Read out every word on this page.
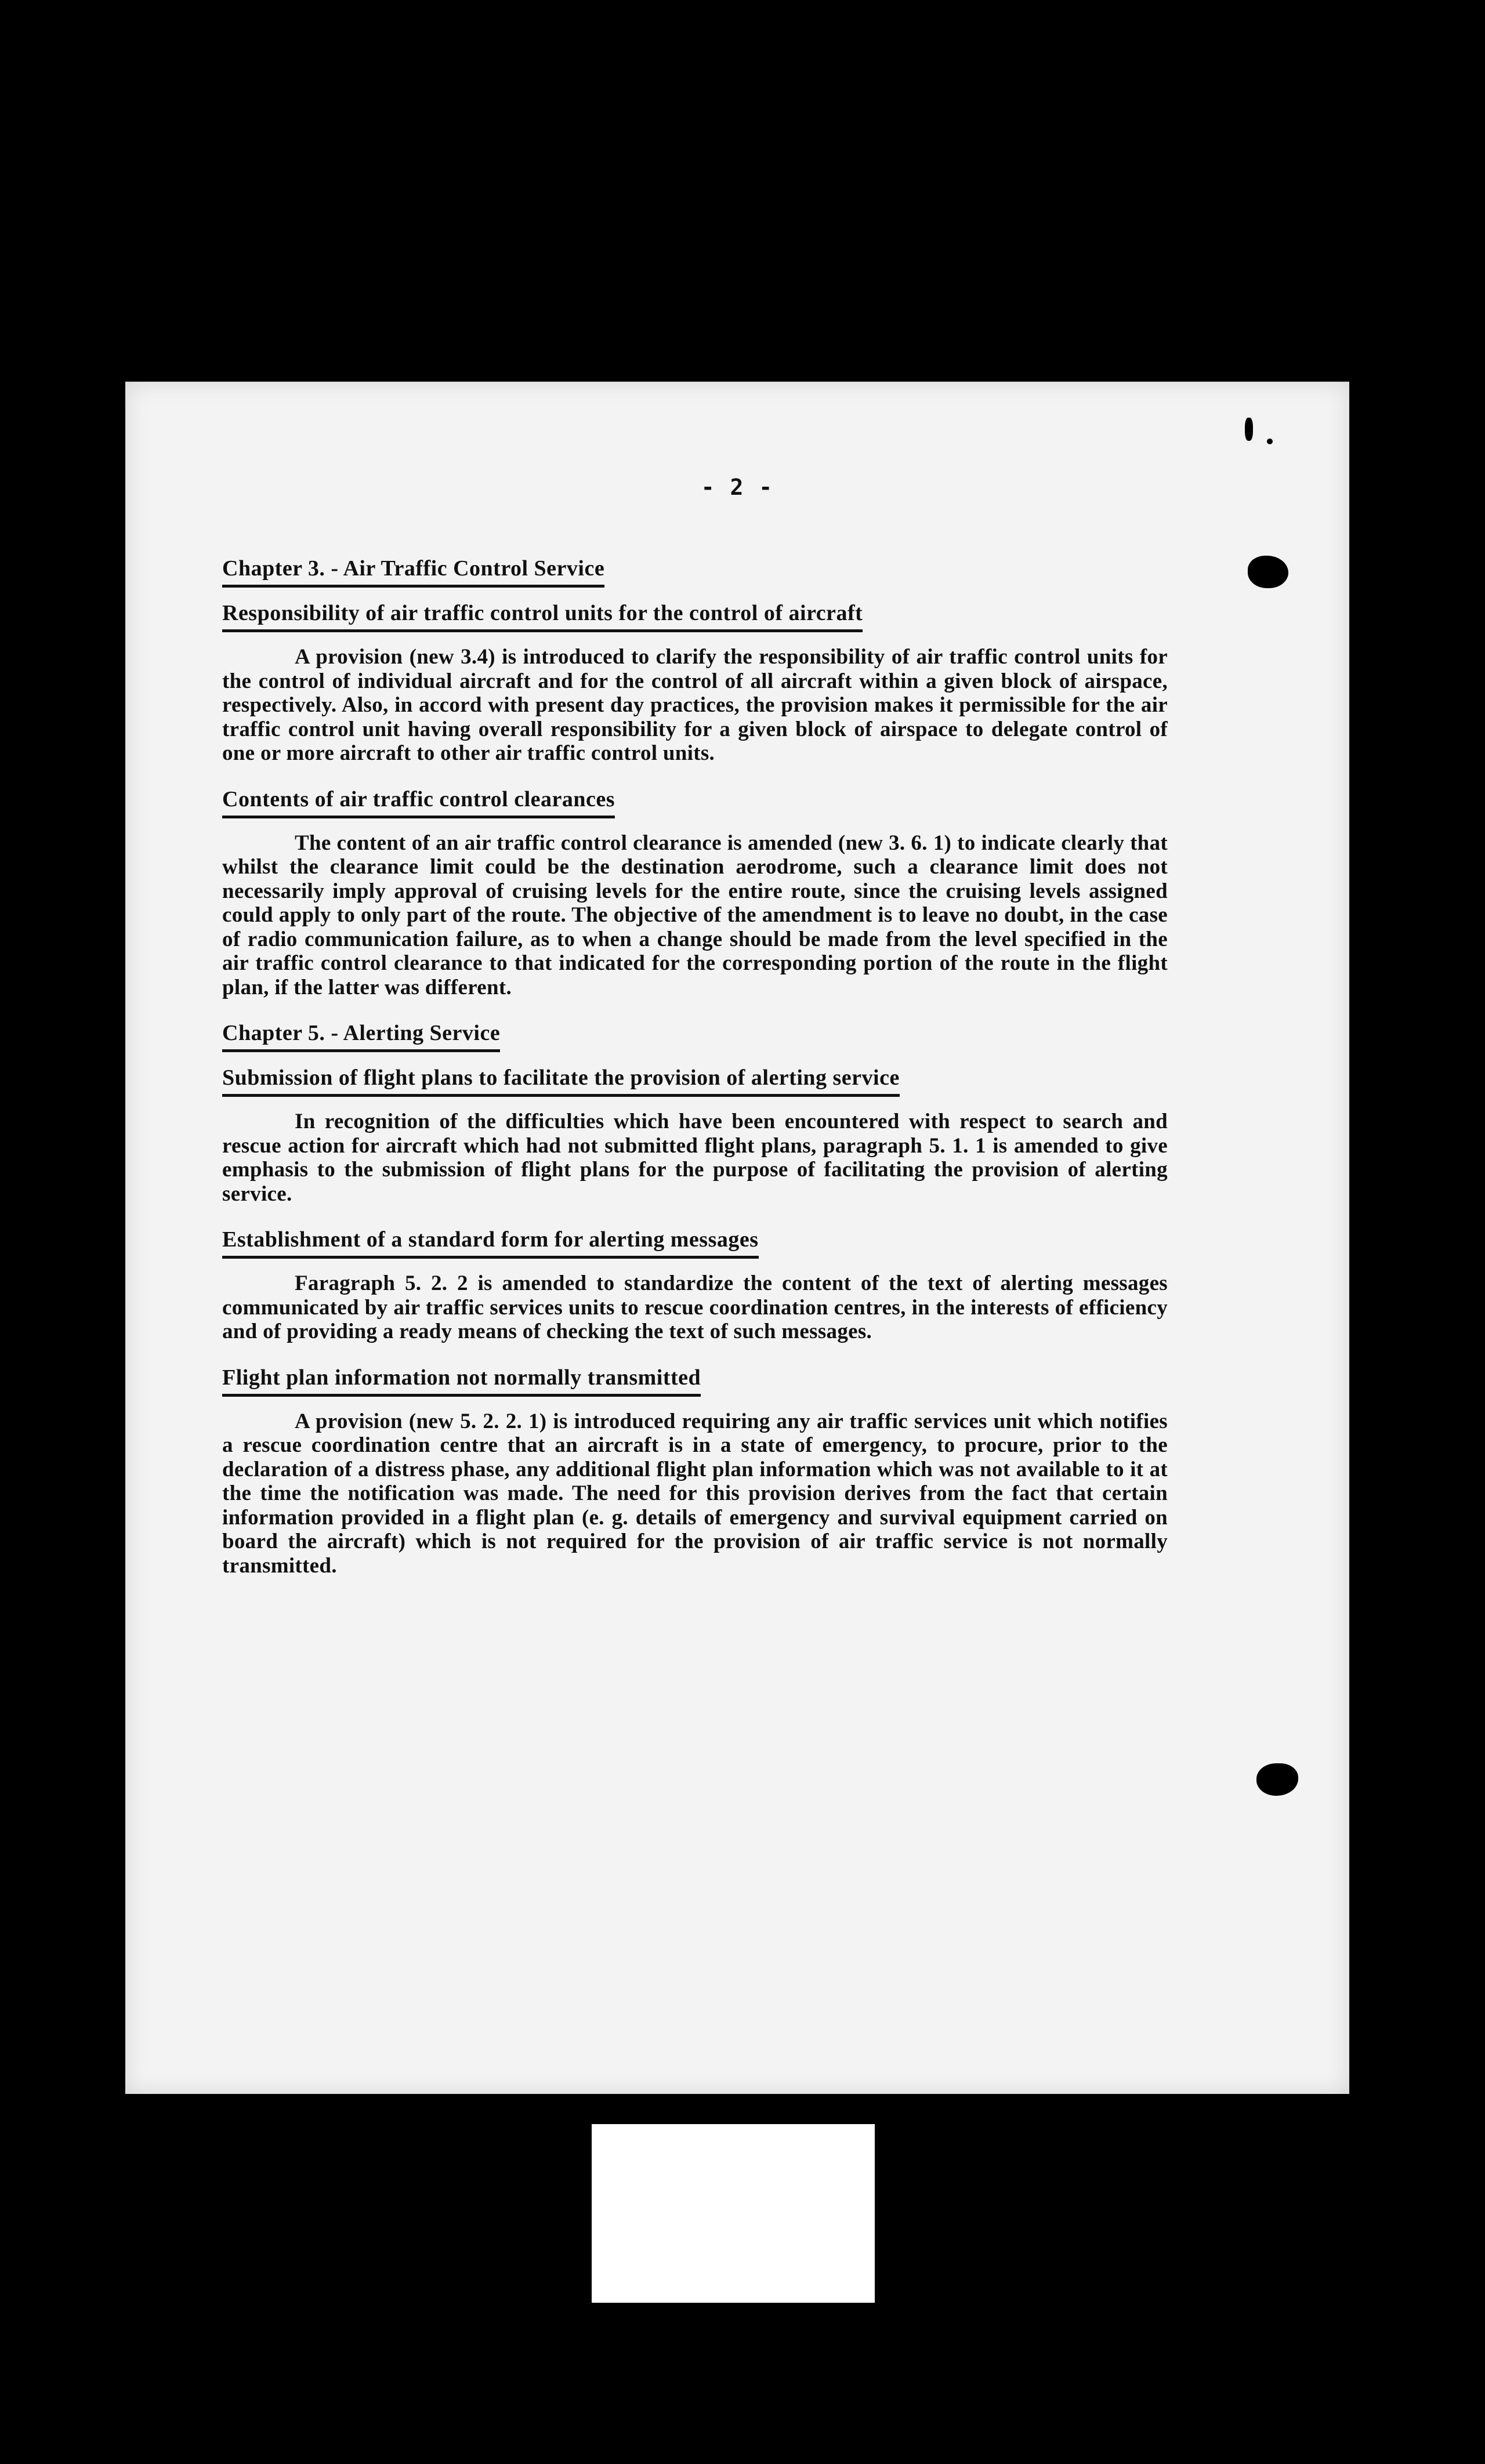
- 2 -
Chapter 3. - Air Traffic Control Service
Responsibility of air traffic control units for the control of aircraft

A provision (new 3.4) is introduced to clarify the responsibility of air traffic control units for the control of individual aircraft and for the control of all aircraft within a given block of airspace, respectively. Also, in accord with present day practices, the provision makes it permissible for the air traffic control unit having overall responsibility for a given block of airspace to delegate control of one or more aircraft to other air traffic control units.

Contents of air traffic control clearances

The content of an air traffic control clearance is amended (new 3. 6. 1) to indicate clearly that whilst the clearance limit could be the destination aerodrome, such a clearance limit does not necessarily imply approval of cruising levels for the entire route, since the cruising levels assigned could apply to only part of the route. The objective of the amendment is to leave no doubt, in the case of radio communication failure, as to when a change should be made from the level specified in the air traffic control clearance to that indicated for the corresponding portion of the route in the flight plan, if the latter was different.

Chapter 5. - Alerting Service
Submission of flight plans to facilitate the provision of alerting service

In recognition of the difficulties which have been encountered with respect to search and rescue action for aircraft which had not submitted flight plans, paragraph 5. 1. 1 is amended to give emphasis to the submission of flight plans for the purpose of facilitating the provision of alerting service.

Establishment of a standard form for alerting messages

Faragraph 5. 2. 2 is amended to standardize the content of the text of alerting messages communicated by air traffic services units to rescue coordination centres, in the interests of efficiency and of providing a ready means of checking the text of such messages.

Flight plan information not normally transmitted

A provision (new 5. 2. 2. 1) is introduced requiring any air traffic services unit which notifies a rescue coordination centre that an aircraft is in a state of emergency, to procure, prior to the declaration of a distress phase, any additional flight plan information which was not available to it at the time the notification was made. The need for this provision derives from the fact that certain information provided in a flight plan (e. g. details of emergency and survival equipment carried on board the aircraft) which is not required for the provision of air traffic service is not normally transmitted.
